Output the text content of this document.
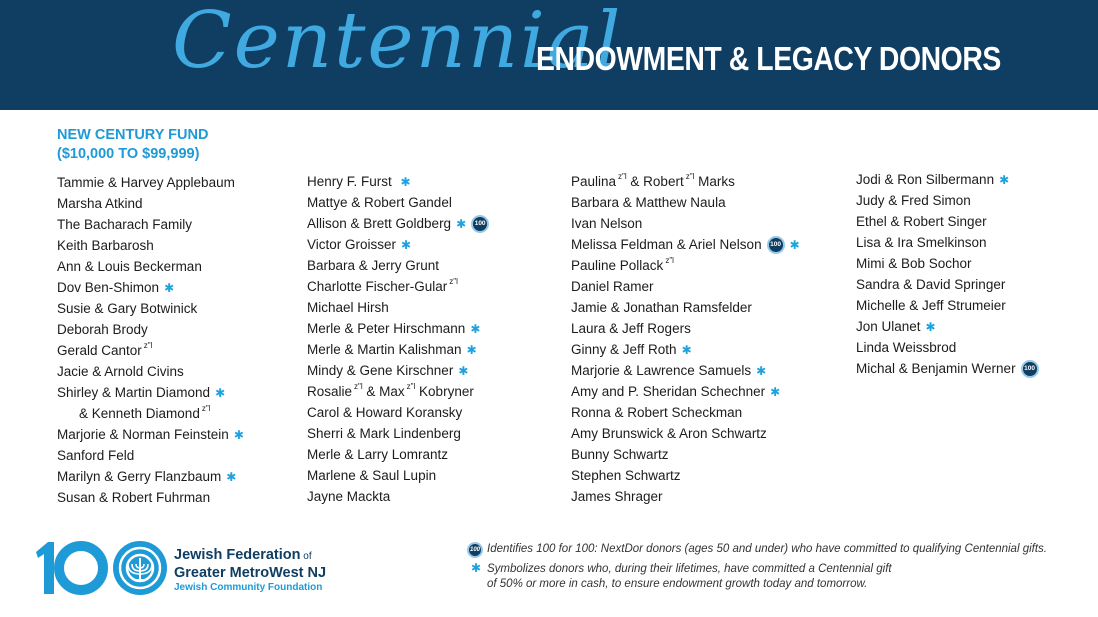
Centennial
ENDOWMENT & LEGACY DONORS
NEW CENTURY FUND
($10,000 TO $99,999)
Tammie & Harvey Applebaum
Marsha Atkind
The Bacharach Family
Keith Barbarosh
Ann & Louis Beckerman
Dov Ben-Shimon ✱
Susie & Gary Botwinick
Deborah Brody
Gerald Cantor z"l
Jacie & Arnold Civins
Shirley & Martin Diamond ✱
& Kenneth Diamond z"l
Marjorie & Norman Feinstein ✱
Sanford Feld
Marilyn & Gerry Flanzbaum ✱
Susan & Robert Fuhrman
Henry F. Furst ✱
Mattye & Robert Gandel
Allison & Brett Goldberg ✱	100
Victor Groisser ✱
Barbara & Jerry Grunt
Charlotte Fischer-Gular z"l
Michael Hirsh
Merle & Peter Hirschmann ✱
Merle & Martin Kalishman ✱
Mindy & Gene Kirschner ✱
Rosalie z"l & Max z"l Kobryner
Carol & Howard Koransky
Sherri & Mark Lindenberg
Merle & Larry Lomrantz
Marlene & Saul Lupin
Jayne Mackta
Paulina z"l & Robert z"l Marks
Barbara & Matthew Naula
Ivan Nelson
Melissa Feldman & Ariel Nelson	100 ✱
Pauline Pollack z"l
Daniel Ramer
Jamie & Jonathan Ramsfelder
Laura & Jeff Rogers
Ginny & Jeff Roth ✱
Marjorie & Lawrence Samuels ✱
Amy and P. Sheridan Schechner ✱
Ronna & Robert Scheckman
Amy Brunswick & Aron Schwartz
Bunny Schwartz
Stephen Schwartz
James Shrager
Jodi & Ron Silbermann ✱
Judy & Fred Simon
Ethel & Robert Singer
Lisa & Ira Smelkinson
Mimi & Bob Sochor
Sandra & David Springer
Michelle & Jeff Strumeier
Jon Ulanet ✱
Linda Weissbrod
Michal & Benjamin Werner	100
Jewish Federation of
Greater MetroWest NJ
Jewish Community Foundation
100 Identifies 100 for 100: NextDor donors (ages 50 and under) who have committed to qualifying Centennial gifts.
✱ Symbolizes donors who, during their lifetimes, have committed a Centennial gift
of 50% or more in cash, to ensure endowment growth today and tomorrow.
